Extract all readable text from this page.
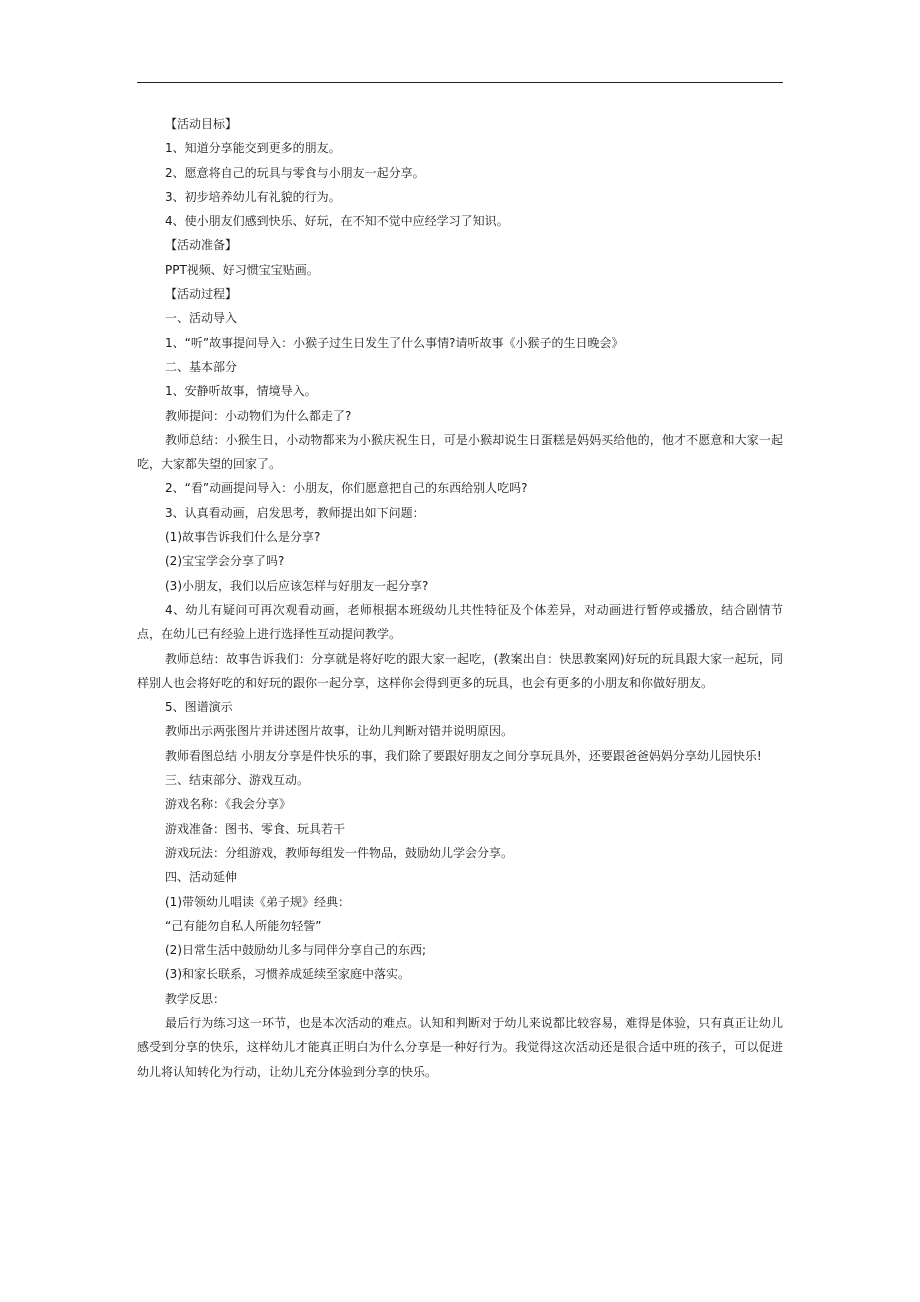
【活动目标】
1、知道分享能交到更多的朋友。
2、愿意将自己的玩具与零食与小朋友一起分享。
3、初步培养幼儿有礼貌的行为。
4、使小朋友们感到快乐、好玩，在不知不觉中应经学习了知识。
【活动准备】
PPT视频、好习惯宝宝贴画。
【活动过程】
一、活动导入
1、“听”故事提问导入：小猴子过生日发生了什么事情?请听故事《小猴子的生日晚会》
二、基本部分
1、安静听故事，情境导入。
教师提问：小动物们为什么都走了?
教师总结：小猴生日，小动物都来为小猴庆祝生日，可是小猴却说生日蛋糕是妈妈买给他的，他才不愿意和大家一起吃，大家都失望的回家了。
2、“看”动画提问导入：小朋友，你们愿意把自己的东西给别人吃吗?
3、认真看动画，启发思考，教师提出如下问题：
(1)故事告诉我们什么是分享?
(2)宝宝学会分享了吗?
(3)小朋友，我们以后应该怎样与好朋友一起分享?
4、幼儿有疑问可再次观看动画，老师根据本班级幼儿共性特征及个体差异，对动画进行暂停或播放，结合剧情节点，在幼儿已有经验上进行选择性互动提问教学。
教师总结：故事告诉我们：分享就是将好吃的跟大家一起吃，(教案出自：快思教案网)好玩的玩具跟大家一起玩，同样别人也会将好吃的和好玩的跟你一起分享，这样你会得到更多的玩具，也会有更多的小朋友和你做好朋友。
5、图谱演示
教师出示两张图片并讲述图片故事，让幼儿判断对错并说明原因。
教师看图总结 小朋友分享是件快乐的事，我们除了要跟好朋友之间分享玩具外，还要跟爸爸妈妈分享幼儿园快乐!
三、结束部分、游戏互动。
游戏名称：《我会分享》
游戏准备：图书、零食、玩具若干
游戏玩法：分组游戏，教师每组发一件物品，鼓励幼儿学会分享。
四、活动延伸
(1)带领幼儿唱读《弟子规》经典：
“己有能勿自私人所能勿轻訾”
(2)日常生活中鼓励幼儿多与同伴分享自己的东西;
(3)和家长联系，习惯养成延续至家庭中落实。
教学反思：
最后行为练习这一环节，也是本次活动的难点。认知和判断对于幼儿来说都比较容易，难得是体验，只有真正让幼儿感受到分享的快乐，这样幼儿才能真正明白为什么分享是一种好行为。我觉得这次活动还是很合适中班的孩子，可以促进幼儿将认知转化为行动，让幼儿充分体验到分享的快乐。
